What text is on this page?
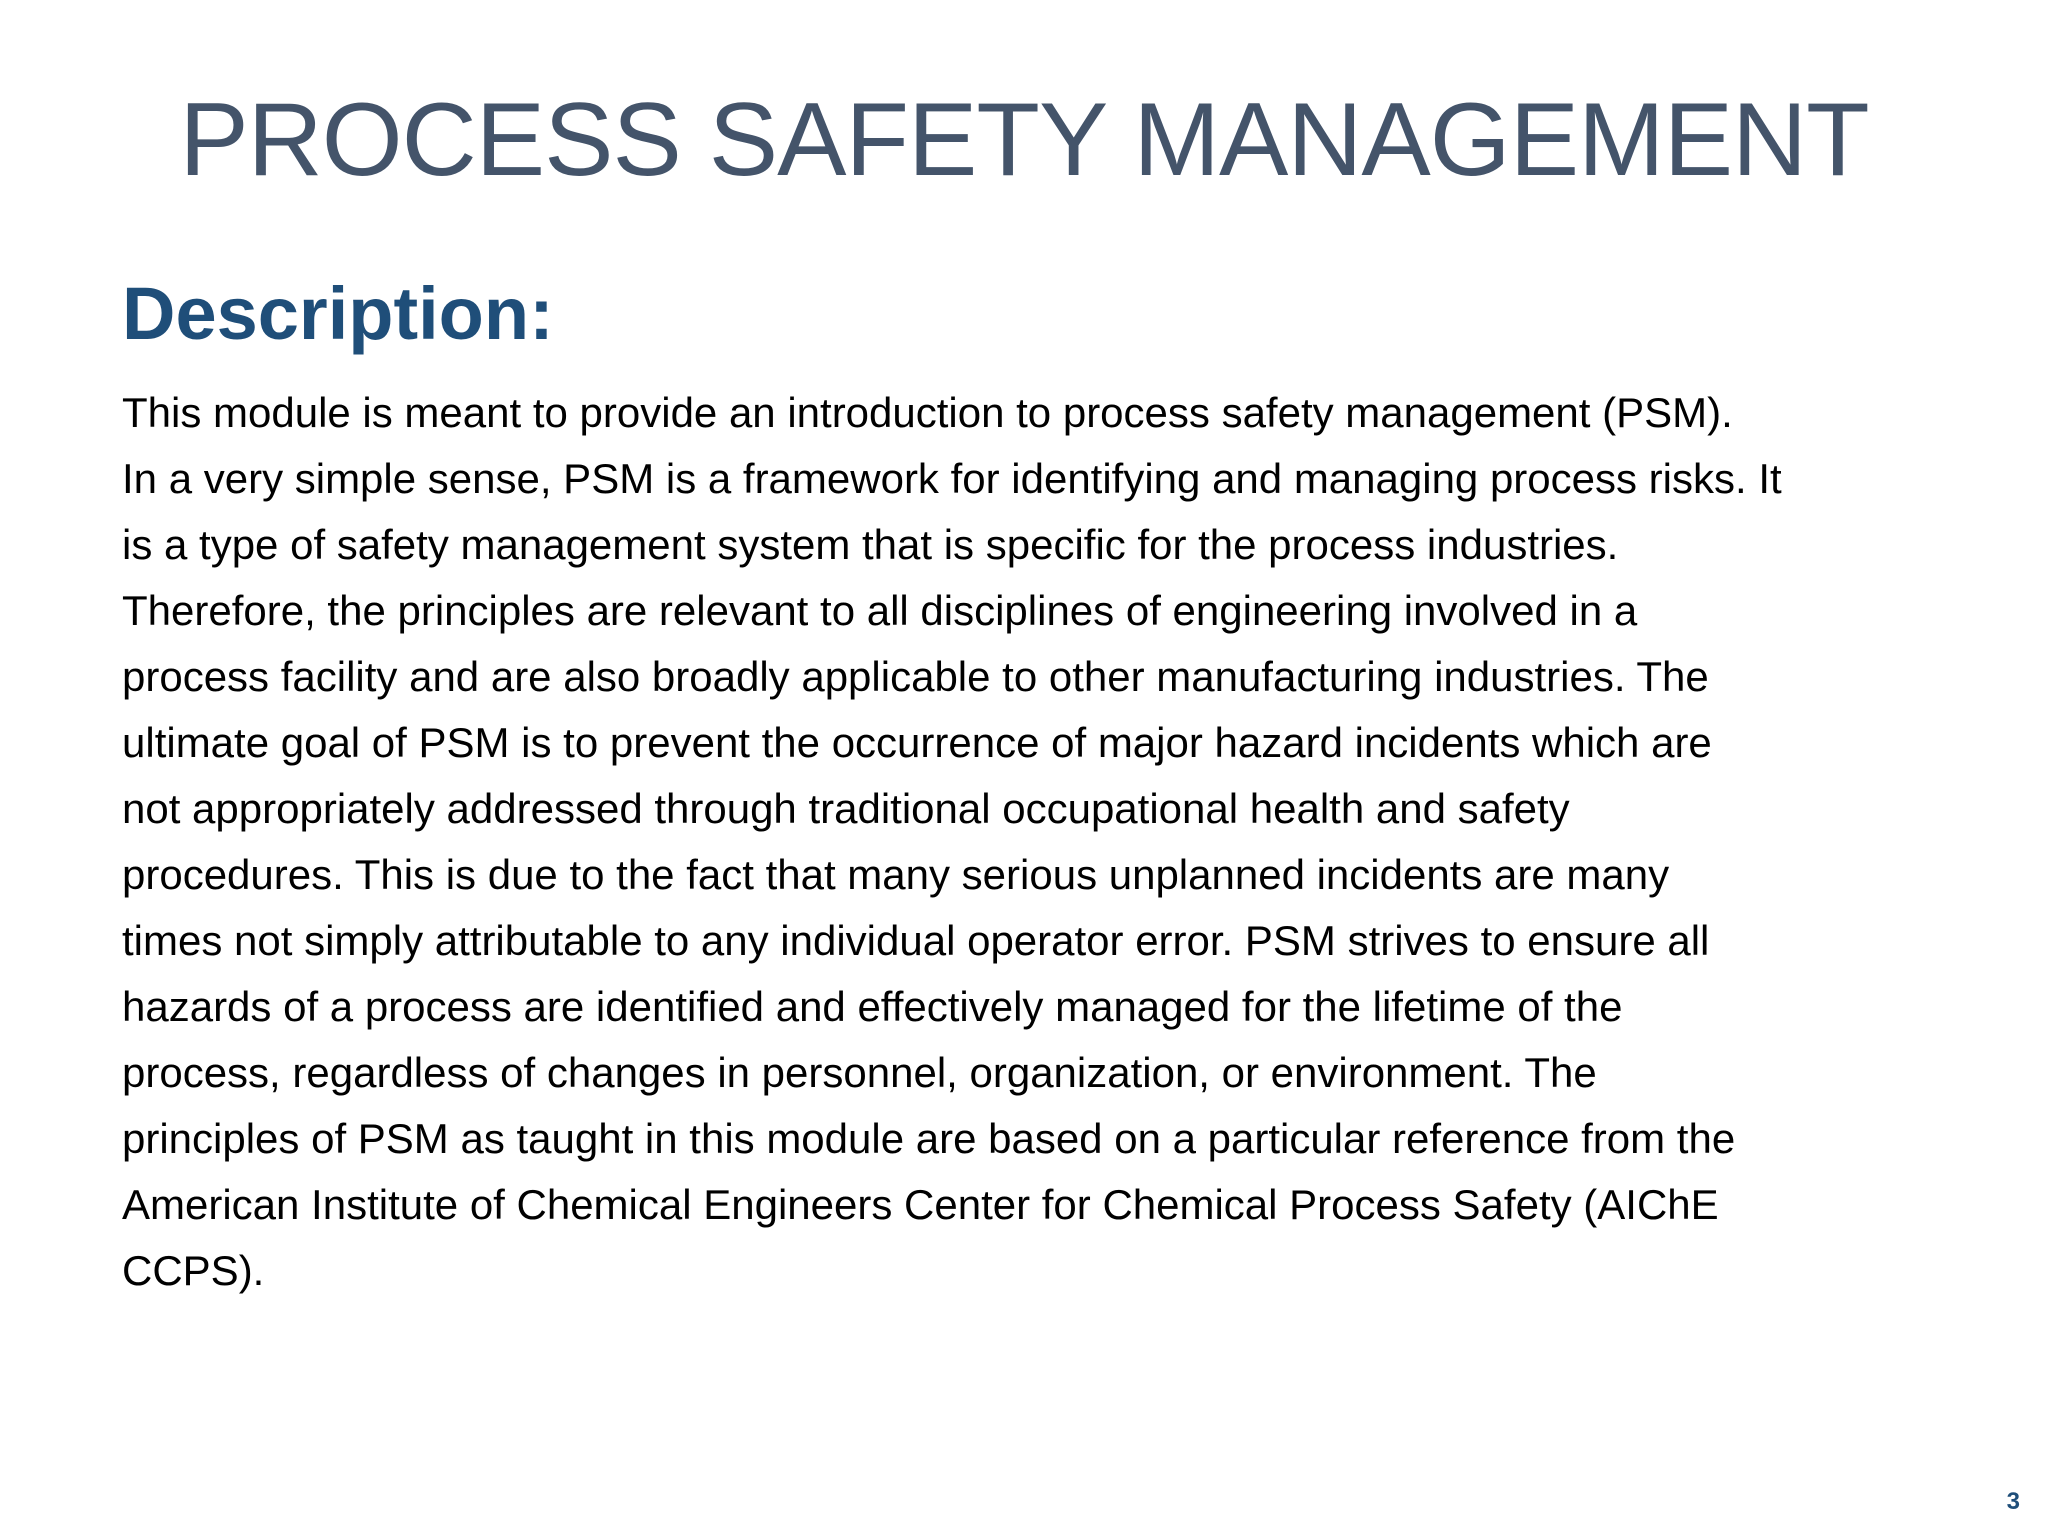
PROCESS SAFETY MANAGEMENT
Description:

This module is meant to provide an introduction to process safety management (PSM).
In a very simple sense, PSM is a framework for identifying and managing process risks. It
is a type of safety management system that is specific for the process industries.
Therefore, the principles are relevant to all disciplines of engineering involved in a
process facility and are also broadly applicable to other manufacturing industries. The
ultimate goal of PSM is to prevent the occurrence of major hazard incidents which are
not appropriately addressed through traditional occupational health and safety
procedures. This is due to the fact that many serious unplanned incidents are many
times not simply attributable to any individual operator error. PSM strives to ensure all
hazards of a process are identified and effectively managed for the lifetime of the
process, regardless of changes in personnel, organization, or environment. The
principles of PSM as taught in this module are based on a particular reference from the
American Institute of Chemical Engineers Center for Chemical Process Safety (AIChE
CCPS).

3
